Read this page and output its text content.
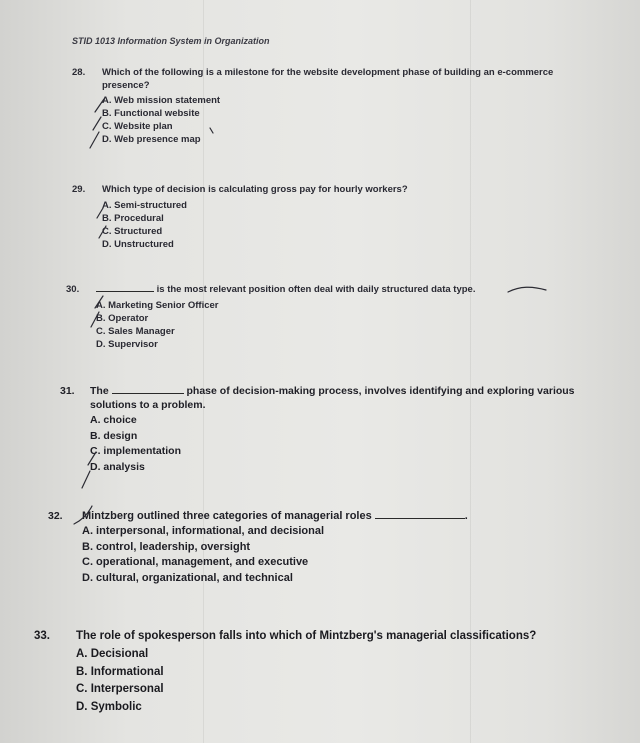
STID 1013 Information System in Organization
28. Which of the following is a milestone for the website development phase of building an e-commerce presence?
A. Web mission statement
B. Functional website
C. Website plan
D. Web presence map
29. Which type of decision is calculating gross pay for hourly workers?
A. Semi-structured
B. Procedural
C. Structured
D. Unstructured
30.	is the most relevant position often deal with daily structured data type.
A. Marketing Senior Officer
B. Operator
C. Sales Manager
D. Supervisor
31. The	phase of decision-making process, involves identifying and exploring various solutions to a problem.
A. choice
B. design
C. implementation
D. analysis
32. Mintzberg outlined three categories of managerial roles	.
A. interpersonal, informational, and decisional
B. control, leadership, oversight
C. operational, management, and executive
D. cultural, organizational, and technical
33. The role of spokesperson falls into which of Mintzberg's managerial classifications?
A. Decisional
B. Informational
C. Interpersonal
D. Symbolic
